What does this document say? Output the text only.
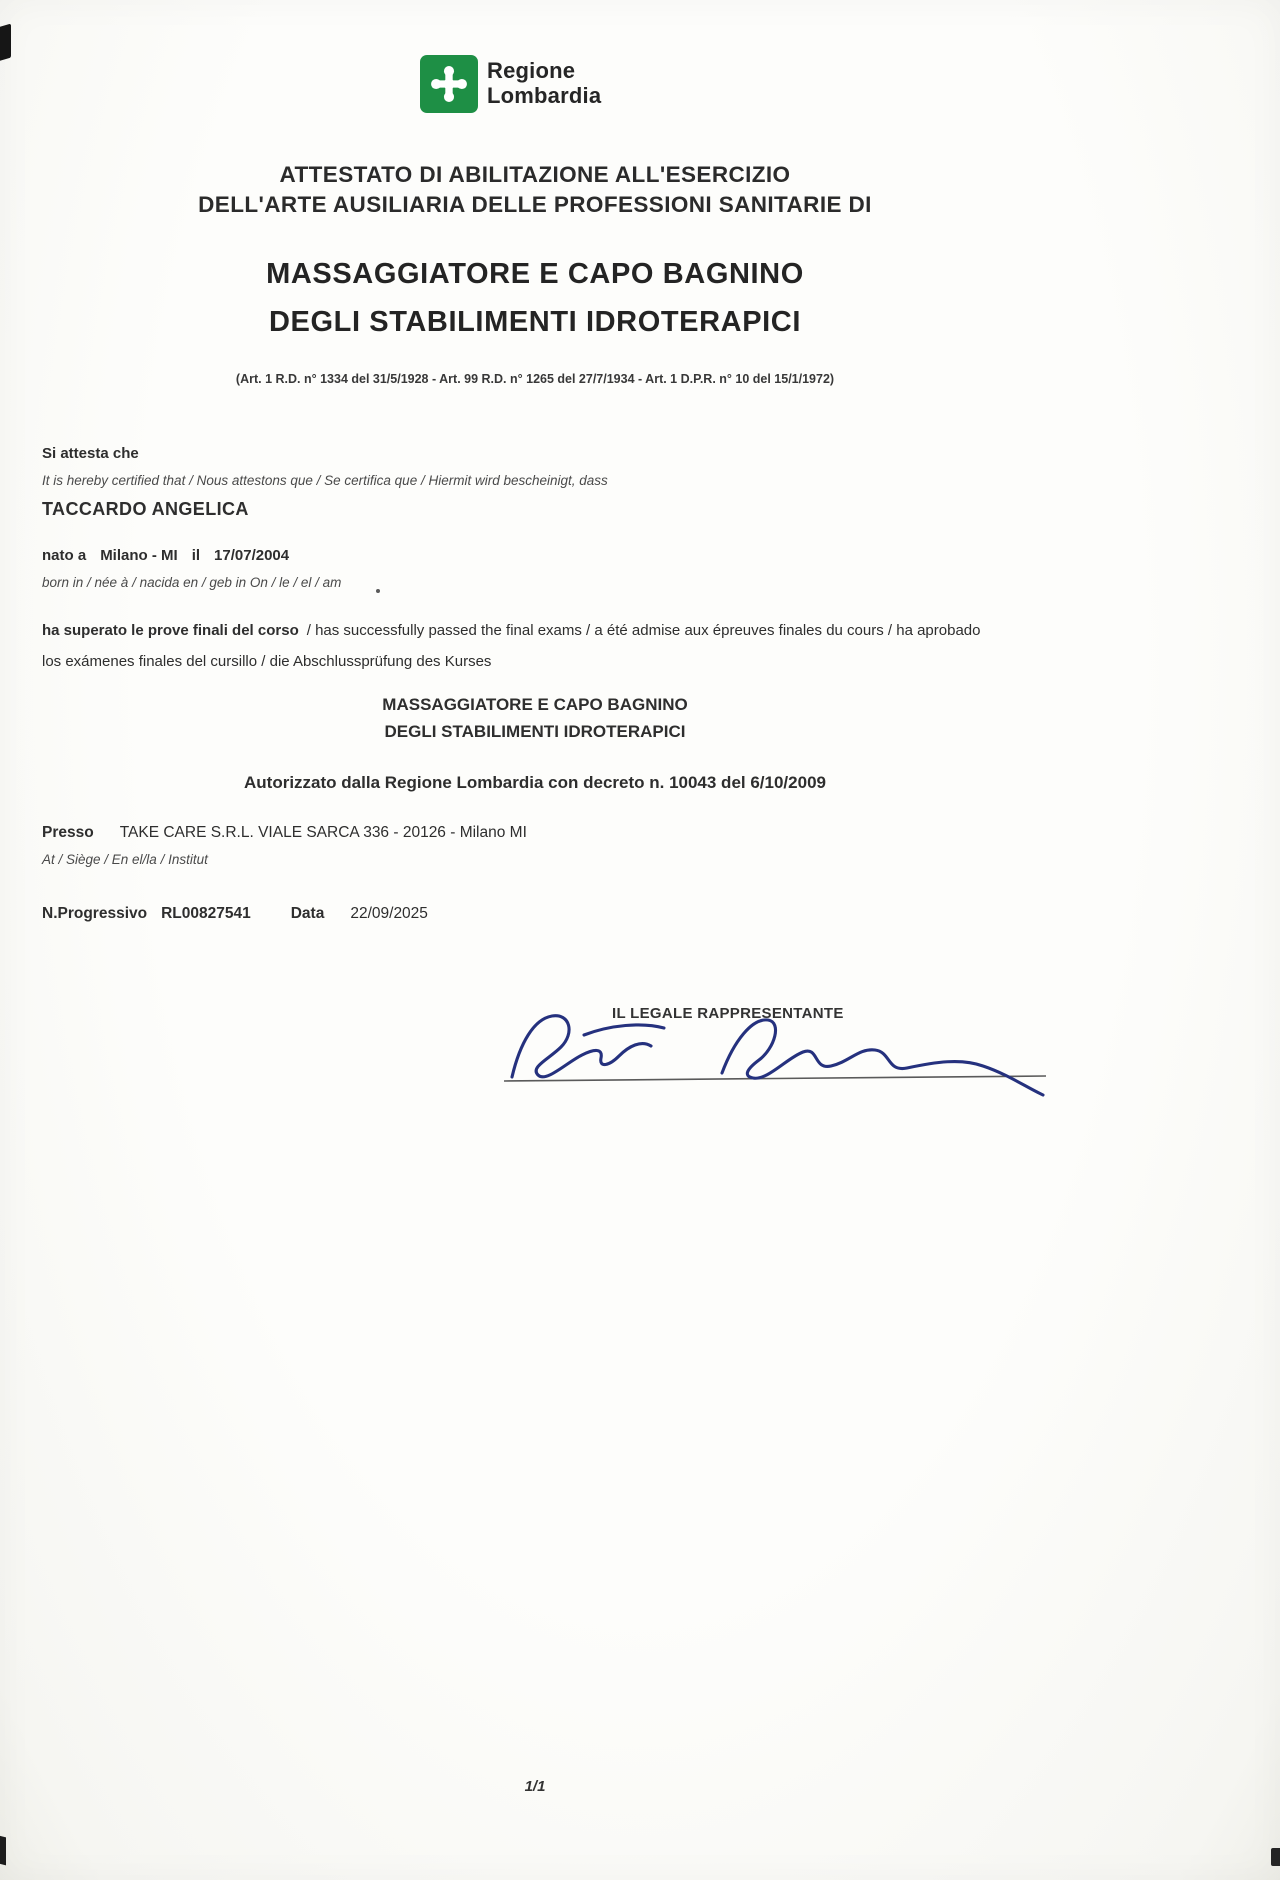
Regione
Lombardia
ATTESTATO DI ABILITAZIONE ALL'ESERCIZIO
DELL'ARTE AUSILIARIA DELLE PROFESSIONI SANITARIE DI
MASSAGGIATORE E CAPO BAGNINO
DEGLI STABILIMENTI IDROTERAPICI
(Art. 1 R.D. n° 1334 del 31/5/1928 - Art. 99 R.D. n° 1265 del 27/7/1934 - Art. 1 D.P.R. n° 10 del 15/1/1972)
Si attesta che
It is hereby certified that / Nous attestons que / Se certifica que / Hiermit wird bescheinigt, dass
TACCARDO ANGELICA
nato a Milano - MI il 17/07/2004
born in / née à / nacida en / geb in On / le / el / am
ha superato le prove finali del corso / has successfully passed the final exams / a été admise aux épreuves finales du cours / ha aprobado
los exámenes finales del cursillo / die Abschlussprüfung des Kurses
MASSAGGIATORE E CAPO BAGNINO
DEGLI STABILIMENTI IDROTERAPICI
Autorizzato dalla Regione Lombardia con decreto n. 10043 del 6/10/2009
Presso TAKE CARE S.R.L. VIALE SARCA 336 - 20126 - Milano MI
At / Siège / En el/la / Institut
N.Progressivo RL00827541	Data 22/09/2025
IL LEGALE RAPPRESENTANTE
1/1
